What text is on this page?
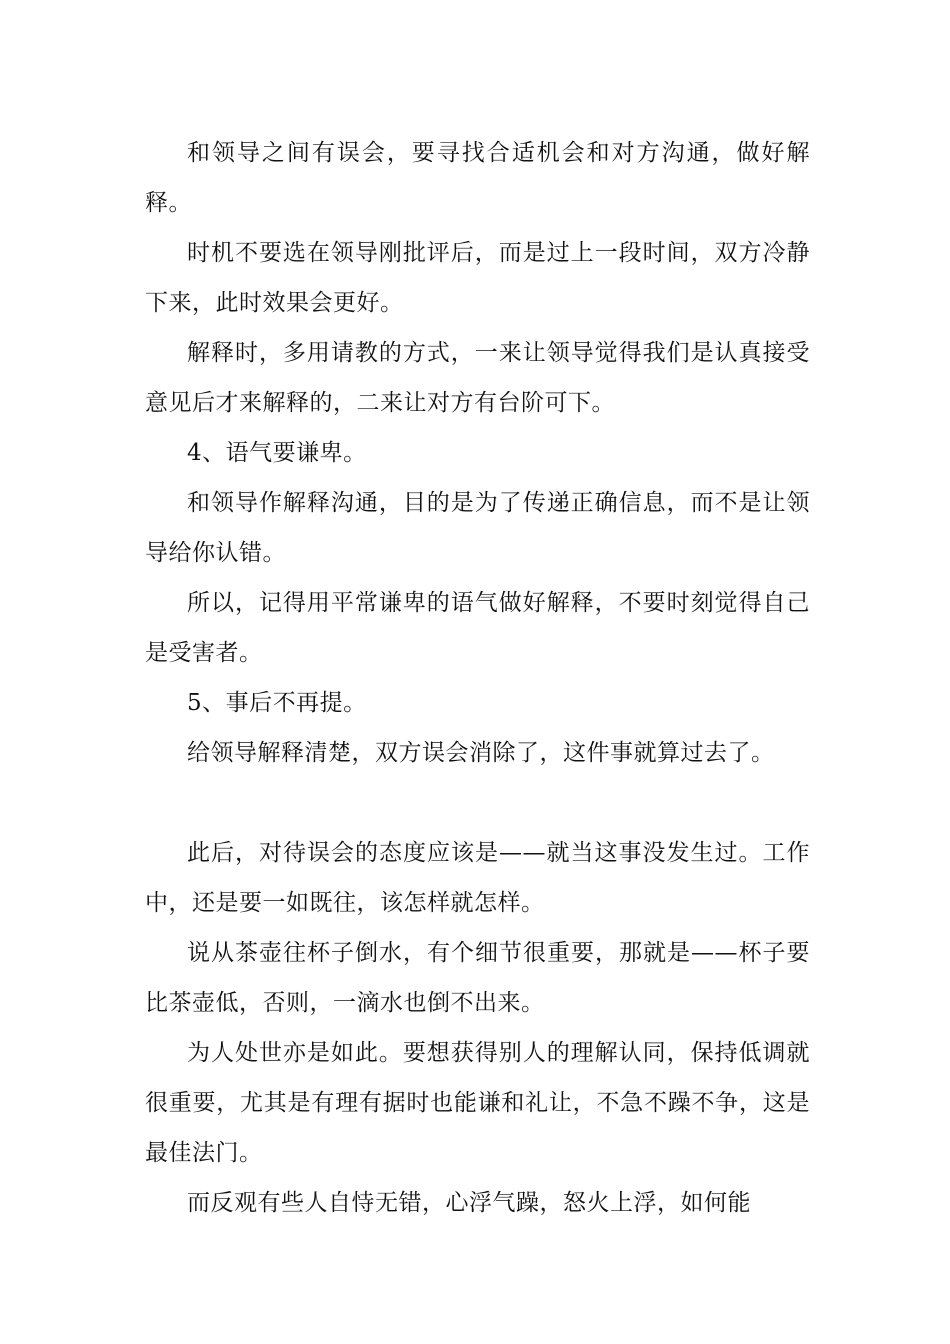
和领导之间有误会，要寻找合适机会和对方沟通，做好解释。

时机不要选在领导刚批评后，而是过上一段时间，双方冷静下来，此时效果会更好。

解释时，多用请教的方式，一来让领导觉得我们是认真接受意见后才来解释的，二来让对方有台阶可下。

4、语气要谦卑。

和领导作解释沟通，目的是为了传递正确信息，而不是让领导给你认错。

所以，记得用平常谦卑的语气做好解释，不要时刻觉得自己是受害者。

5、事后不再提。

给领导解释清楚，双方误会消除了，这件事就算过去了。

此后，对待误会的态度应该是——就当这事没发生过。工作中，还是要一如既往，该怎样就怎样。

说从茶壶往杯子倒水，有个细节很重要，那就是——杯子要比茶壶低，否则，一滴水也倒不出来。

为人处世亦是如此。要想获得别人的理解认同，保持低调就很重要，尤其是有理有据时也能谦和礼让，不急不躁不争，这是最佳法门。

而反观有些人自恃无错，心浮气躁，怒火上浮，如何能
